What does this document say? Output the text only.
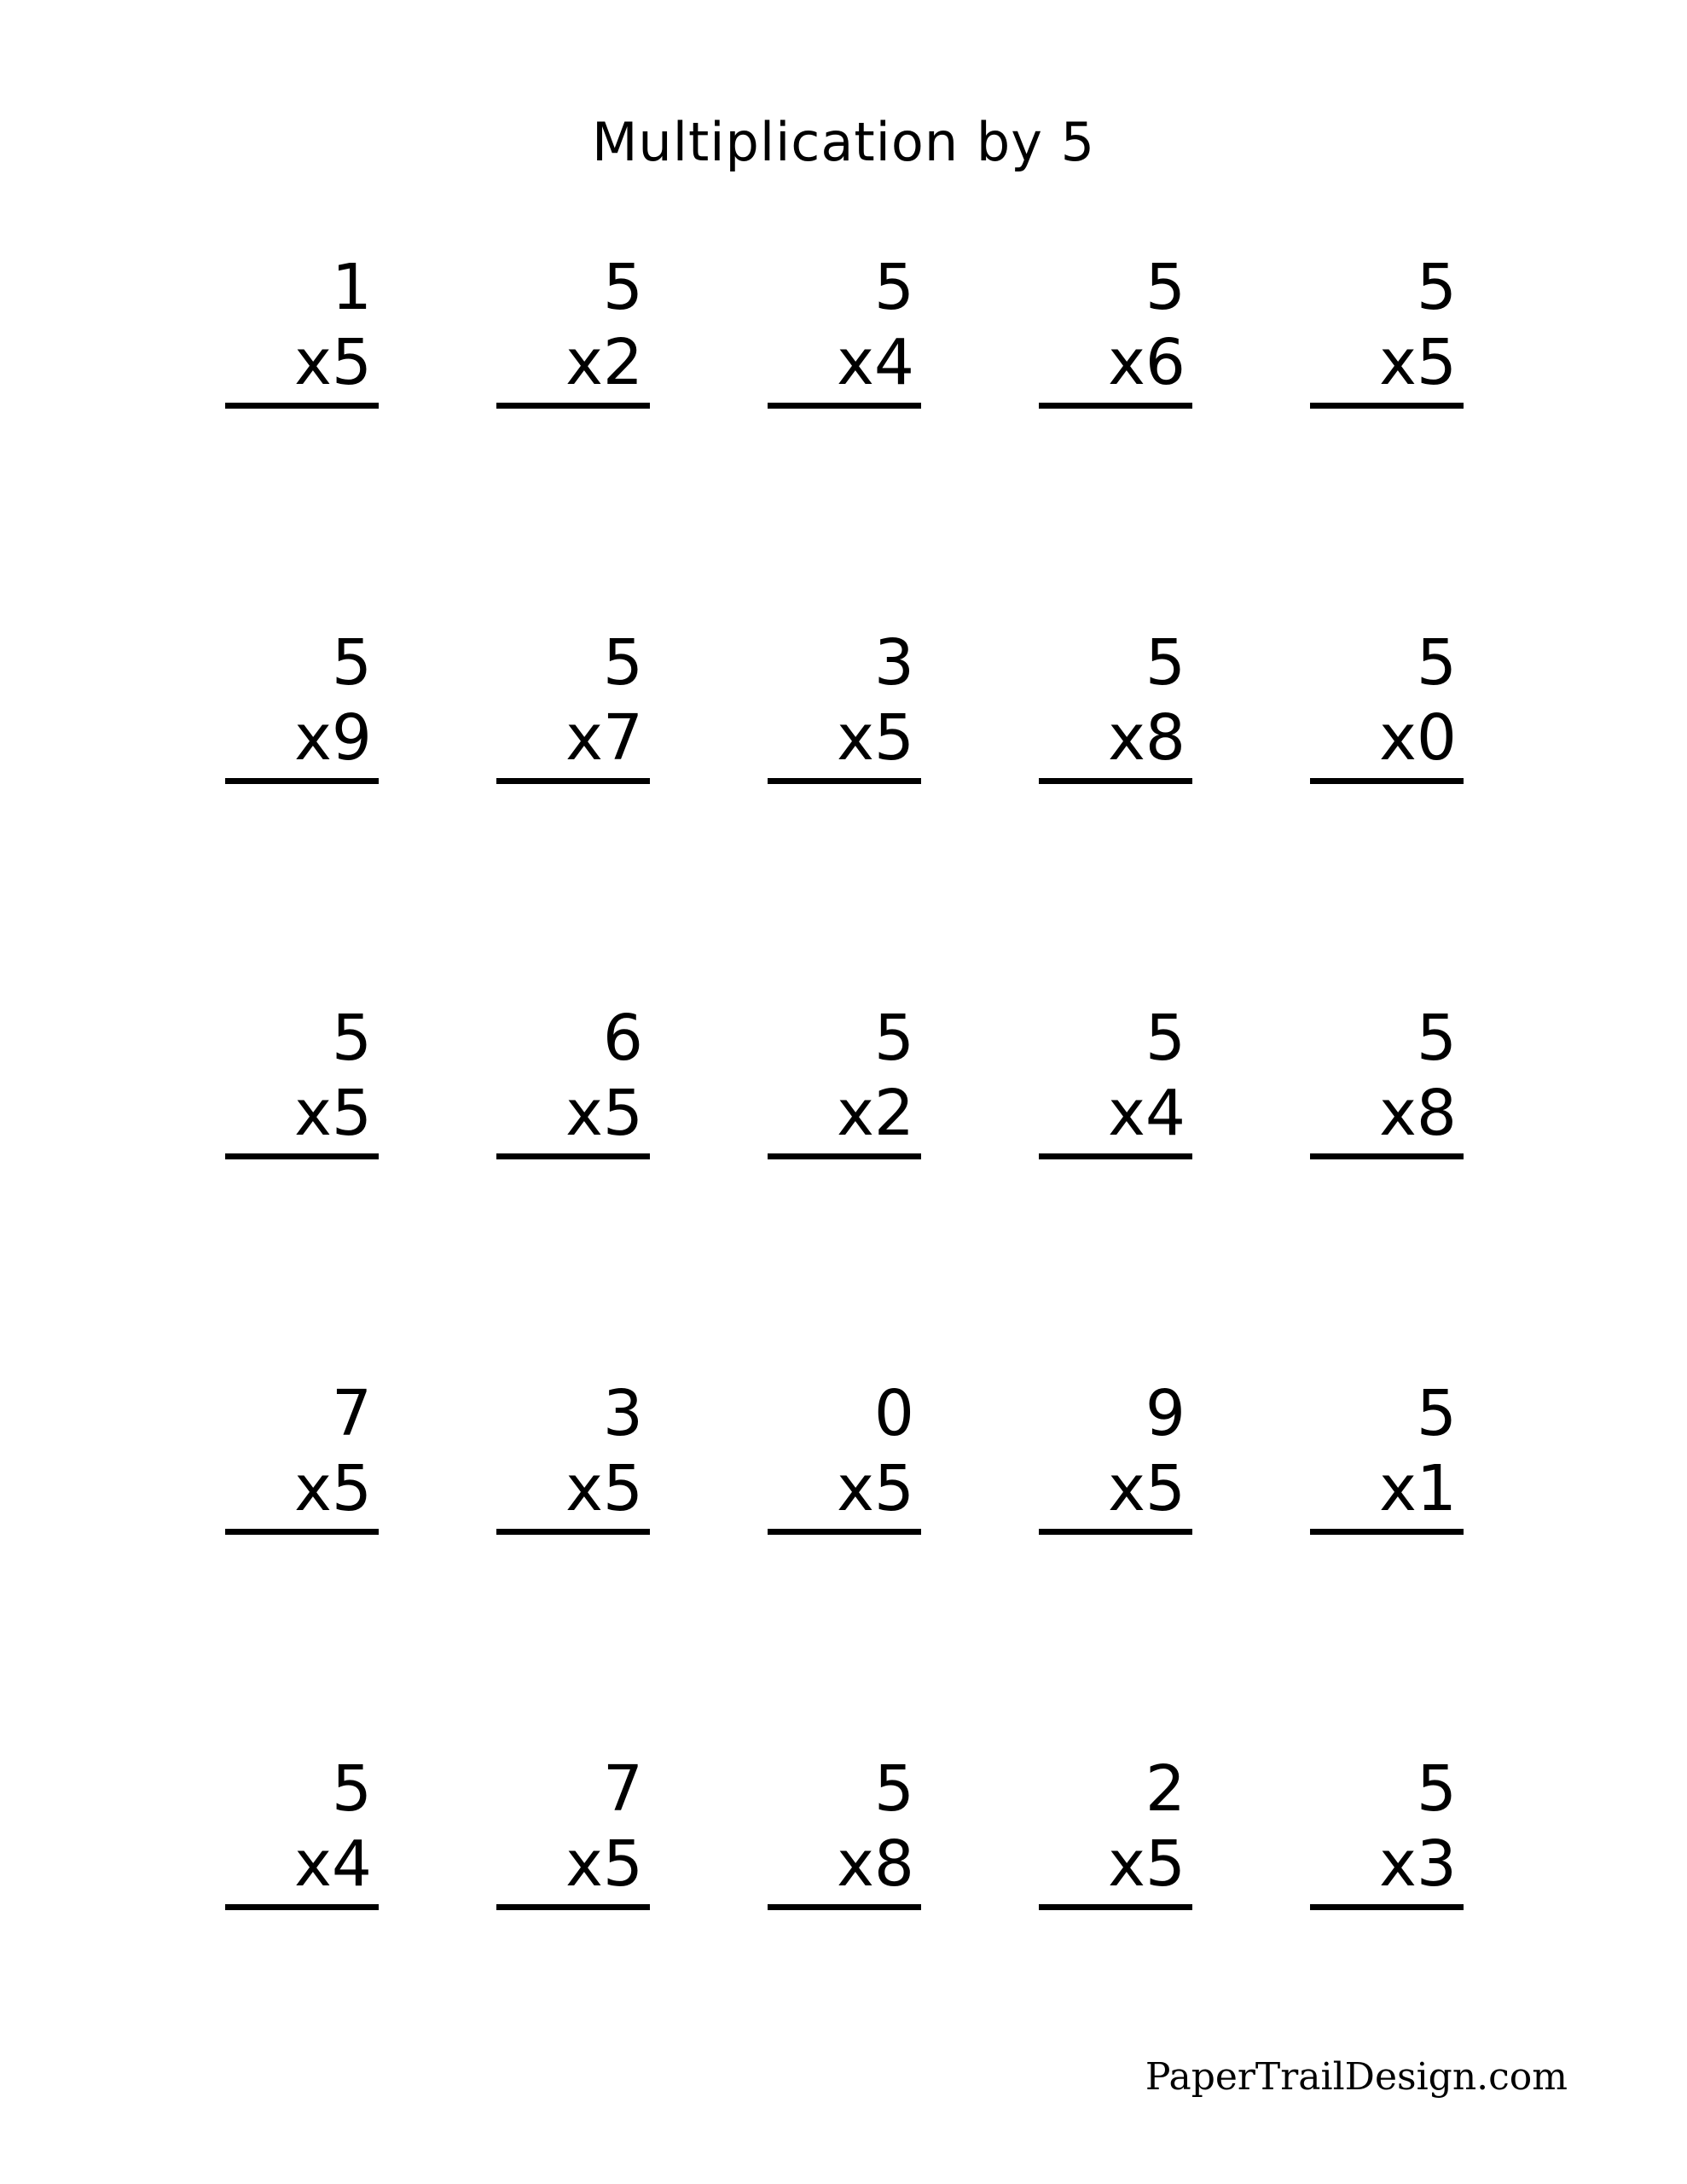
Multiplication by 5
1
x5
5
x2
5
x4
5
x6
5
x5
5
x9
5
x7
3
x5
5
x8
5
x0
5
x5
6
x5
5
x2
5
x4
5
x8
7
x5
3
x5
0
x5
9
x5
5
x1
5
x4
7
x5
5
x8
2
x5
5
x3
PaperTrailDesign.com
